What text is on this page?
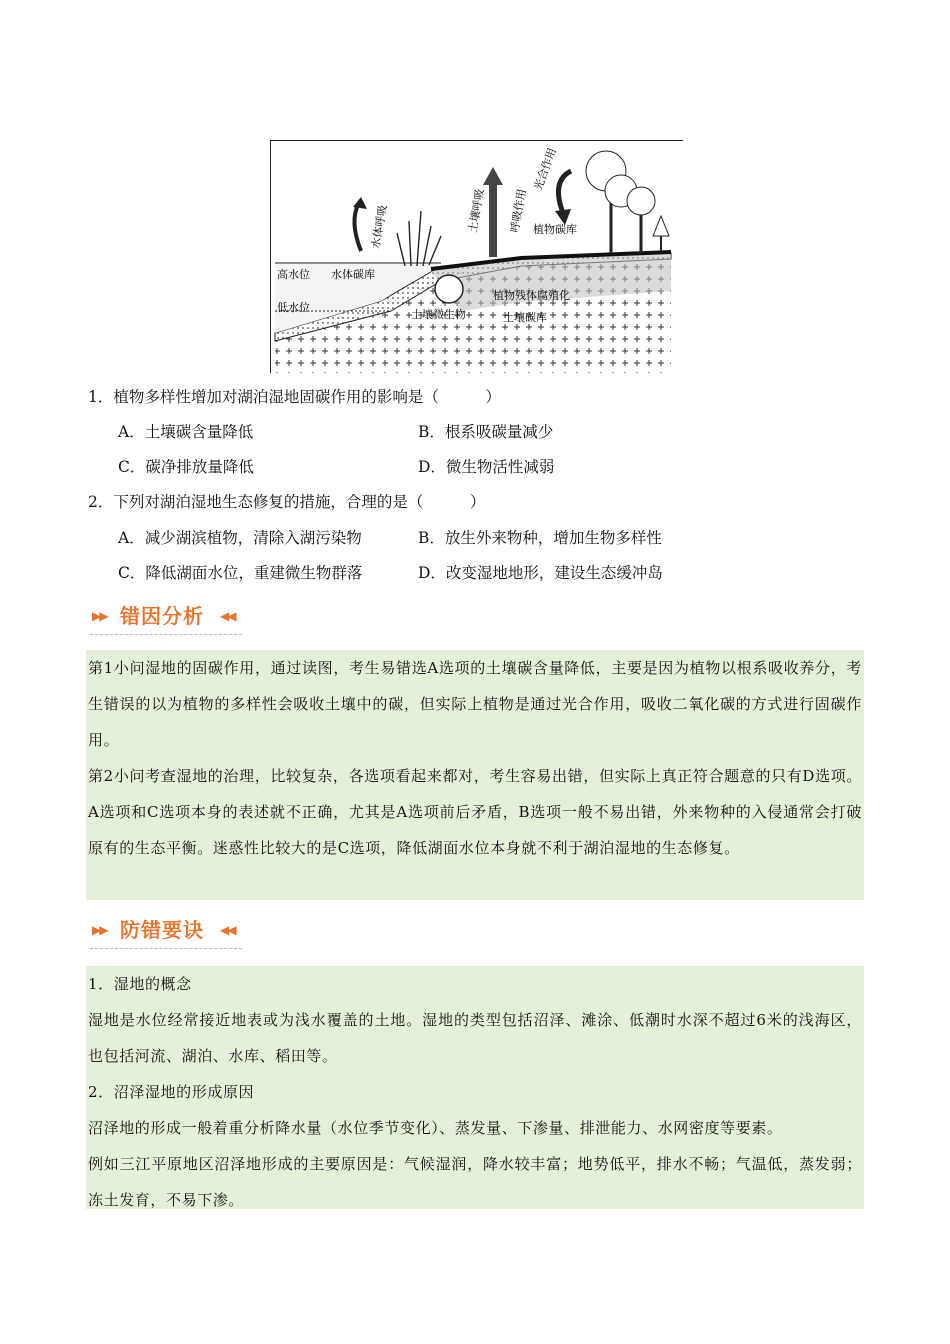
光合作用
土壤呼吸 呼吸作用
水体呼吸	植物碳库
高水位 水体碳库
低水位
植物残体腐殖化
土壤微生物	土壤碳库
1．植物多样性增加对湖泊湿地固碳作用的影响是（　　　）
A．土壤碳含量降低	B．根系吸碳量减少
C．碳净排放量降低	D．微生物活性减弱
2．下列对湖泊湿地生态修复的措施，合理的是（　　　）
A．减少湖滨植物，清除入湖污染物	B．放生外来物种，增加生物多样性
C．降低湖面水位，重建微生物群落	D．改变湿地地形，建设生态缓冲岛
▶▶ 错因分析 ◀◀

第1小问湿地的固碳作用，通过读图，考生易错选A选项的土壤碳含量降低，主要是因为植物以根系吸收养分，考生错误的以为植物的多样性会吸收土壤中的碳，但实际上植物是通过光合作用，吸收二氧化碳的方式进行固碳作用。

第2小问考查湿地的治理，比较复杂，各选项看起来都对，考生容易出错，但实际上真正符合题意的只有D选项。A选项和C选项本身的表述就不正确，尤其是A选项前后矛盾，B选项一般不易出错，外来物种的入侵通常会打破原有的生态平衡。迷惑性比较大的是C选项，降低湖面水位本身就不利于湖泊湿地的生态修复。

▶▶ 防错要诀 ◀◀

1．湿地的概念

湿地是水位经常接近地表或为浅水覆盖的土地。湿地的类型包括沼泽、滩涂、低潮时水深不超过6米的浅海区，也包括河流、湖泊、水库、稻田等。

2．沼泽湿地的形成原因

沼泽地的形成一般着重分析降水量（水位季节变化）、蒸发量、下渗量、排泄能力、水网密度等要素。

例如三江平原地区沼泽地形成的主要原因是：气候湿润，降水较丰富；地势低平，排水不畅；气温低，蒸发弱；冻土发育，不易下渗。
